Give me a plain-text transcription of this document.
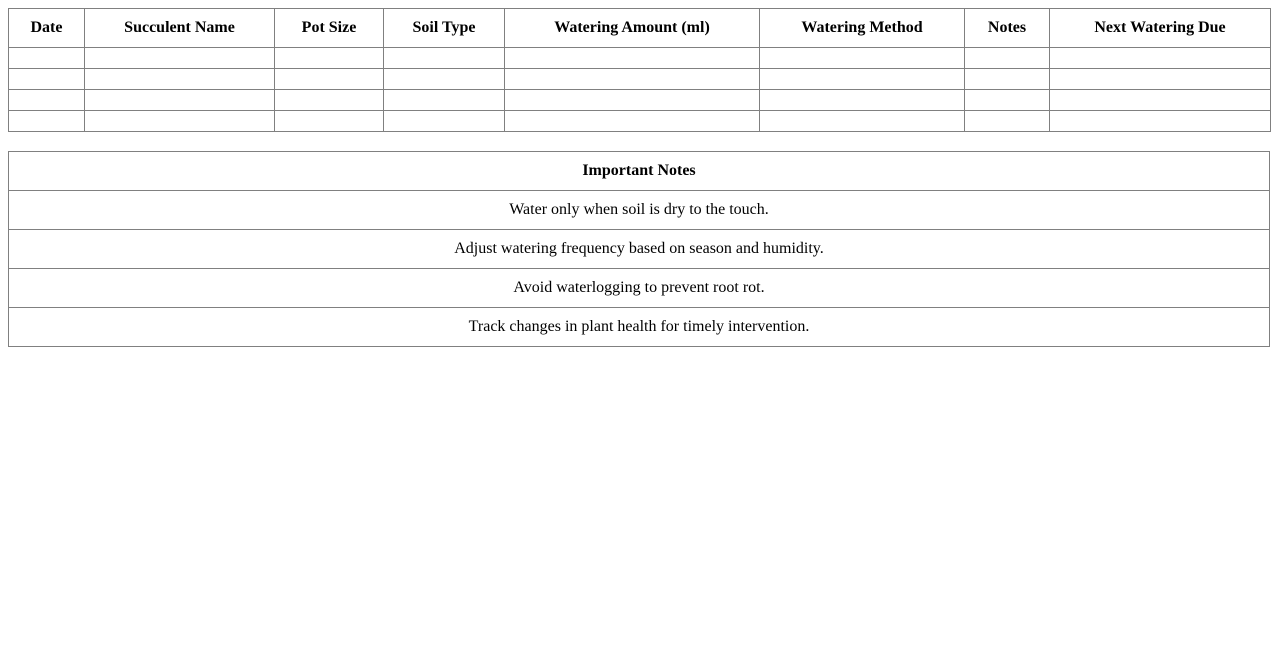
Date	Succulent Name	Pot Size	Soil Type	Watering Amount (ml)	Watering Method	Notes	Next Watering Due

Important Notes
Water only when soil is dry to the touch.
Adjust watering frequency based on season and humidity.
Avoid waterlogging to prevent root rot.
Track changes in plant health for timely intervention.
